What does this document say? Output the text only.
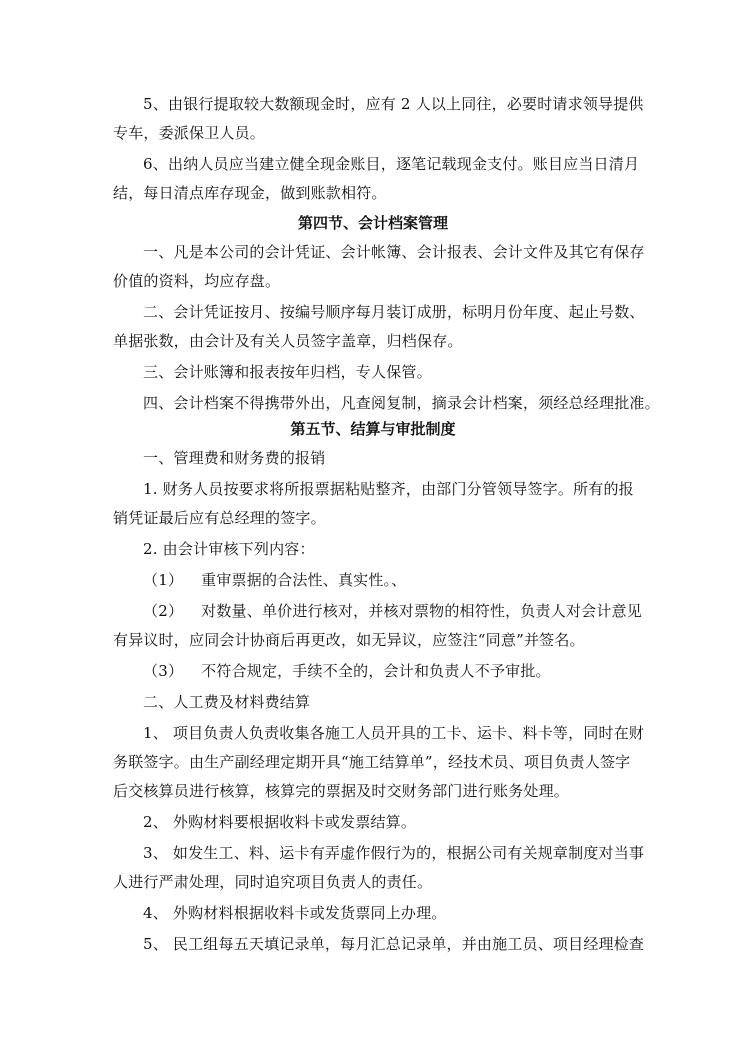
5、由银行提取较大数额现金时，应有 2 人以上同往，必要时请求领导提供
专车，委派保卫人员。
6、出纳人员应当建立健全现金账目，逐笔记载现金支付。账目应当日清月
结，每日清点库存现金，做到账款相符。
第四节、会计档案管理
一、凡是本公司的会计凭证、会计帐簿、会计报表、会计文件及其它有保存
价值的资料，均应存盘。
二、会计凭证按月、按编号顺序每月装订成册，标明月份年度、起止号数、
单据张数，由会计及有关人员签字盖章，归档保存。
三、会计账簿和报表按年归档，专人保管。
四、会计档案不得携带外出，凡查阅复制，摘录会计档案，须经总经理批准。
第五节、结算与审批制度
一、管理费和财务费的报销
1. 财务人员按要求将所报票据粘贴整齐，由部门分管领导签字。所有的报
销凭证最后应有总经理的签字。
2. 由会计审核下列内容：
（1） 重审票据的合法性、真实性。、
（2） 对数量、单价进行核对，并核对票物的相符性，负责人对会计意见
有异议时，应同会计协商后再更改，如无异议，应签注“同意”并签名。
（3） 不符合规定，手续不全的，会计和负责人不予审批。
二、人工费及材料费结算
1、 项目负责人负责收集各施工人员开具的工卡、运卡、料卡等，同时在财
务联签字。由生产副经理定期开具“施工结算单”，经技术员、项目负责人签字
后交核算员进行核算，核算完的票据及时交财务部门进行账务处理。
2、 外购材料要根据收料卡或发票结算。
3、 如发生工、料、运卡有弄虚作假行为的，根据公司有关规章制度对当事
人进行严肃处理，同时追究项目负责人的责任。
4、 外购材料根据收料卡或发货票同上办理。
5、 民工组每五天填记录单，每月汇总记录单，并由施工员、项目经理检查
